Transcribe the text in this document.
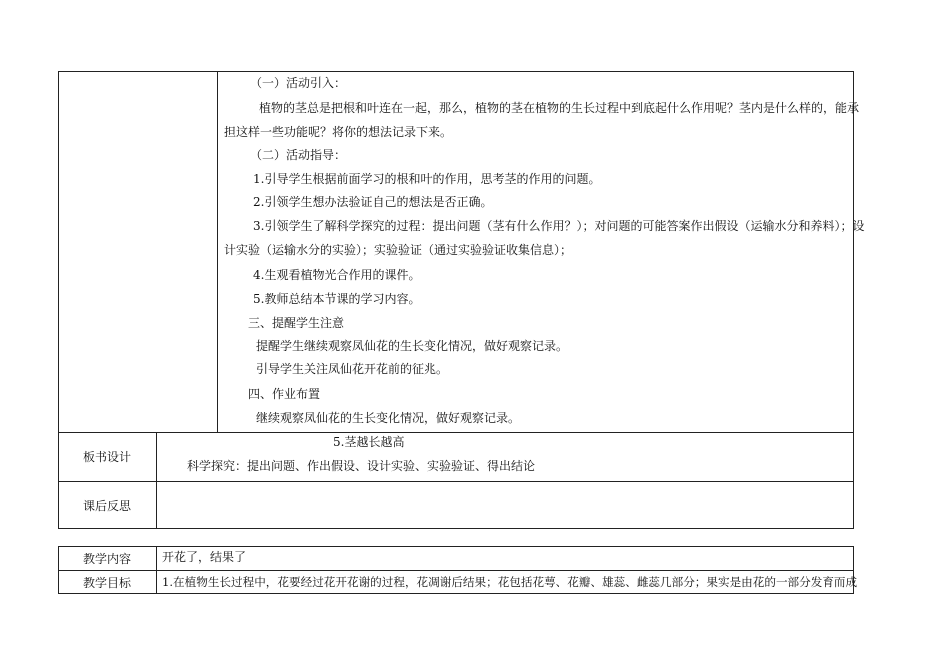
（一）活动引入：
植物的茎总是把根和叶连在一起，那么，植物的茎在植物的生长过程中到底起什么作用呢？茎内是什么样的，能承
担这样一些功能呢？将你的想法记录下来。
（二）活动指导：
1.引导学生根据前面学习的根和叶的作用，思考茎的作用的问题。
2.引领学生想办法验证自己的想法是否正确。
3.引领学生了解科学探究的过程：提出问题（茎有什么作用？）；对问题的可能答案作出假设（运输水分和养料）；设
计实验（运输水分的实验）；实验验证（通过实验验证收集信息）；
4.生观看植物光合作用的课件。
5.教师总结本节课的学习内容。
三、提醒学生注意
提醒学生继续观察凤仙花的生长变化情况，做好观察记录。
引导学生关注凤仙花开花前的征兆。
四、作业布置
继续观察凤仙花的生长变化情况，做好观察记录。
板书设计
5.茎越长越高
科学探究：提出问题、作出假设、设计实验、实验验证、得出结论
课后反思
教学内容	开花了，结果了
教学目标	1.在植物生长过程中，花要经过花开花谢的过程，花凋谢后结果；花包括花萼、花瓣、雄蕊、雌蕊几部分；果实是由花的一部分发育而成
